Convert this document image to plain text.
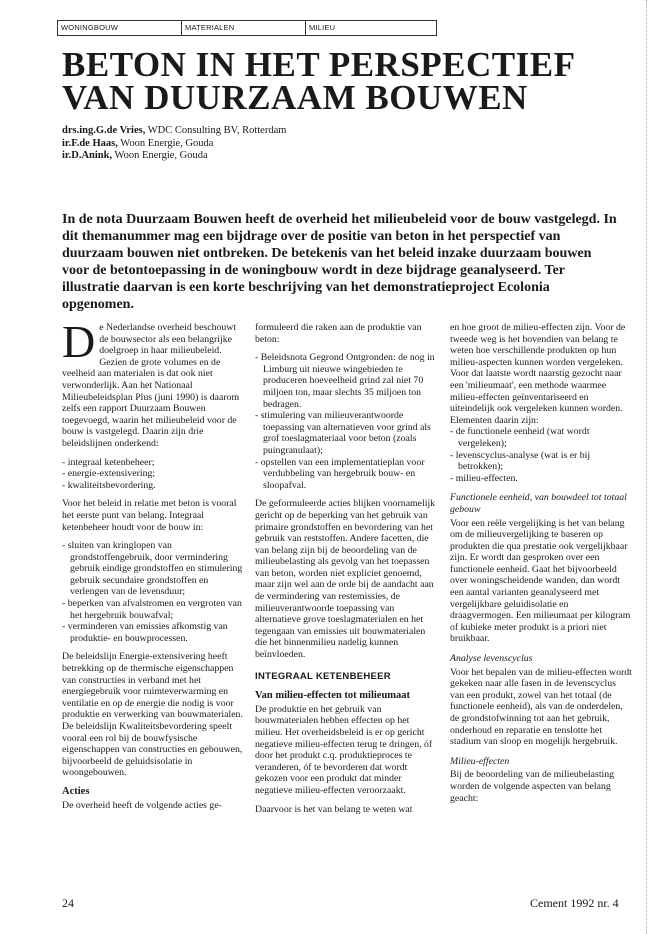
WONINGBOUW	MATERIALEN	MILIEU
BETON IN HET PERSPECTIEF
VAN DUURZAAM BOUWEN
drs.ing.G.de Vries, WDC Consulting BV, Rotterdam
ir.F.de Haas, Woon Energie, Gouda
ir.D.Anink, Woon Energie, Gouda

In de nota Duurzaam Bouwen heeft de overheid het milieubeleid voor de bouw vastgelegd. In dit themanummer mag een bijdrage over de positie van beton in het perspectief van duurzaam bouwen niet ontbreken. De betekenis van het beleid inzake duurzaam bouwen voor de betontoepassing in de woningbouw wordt in deze bijdrage geanalyseerd. Ter illustratie daarvan is een korte beschrijving van het demonstratieproject Ecolonia opgenomen.

De Nederlandse overheid beschouwt de bouwsector als een belangrijke doelgroep in haar milieubeleid. Gezien de grote volumes en de veelheid aan materialen is dat ook niet verwonderlijk. Aan het Nationaal Milieubeleidsplan Plus (juni 1990) is daarom zelfs een rapport Duurzaam Bouwen toegevoegd, waarin het milieubeleid voor de bouw is vastgelegd. Daarin zijn drie beleidslijnen onderkend:

- integraal ketenbeheer;
- energie-extensivering;
- kwaliteitsbevordering.

Voor het beleid in relatie met beton is vooral het eerste punt van belang. Integraal ketenbeheer houdt voor de bouw in:

- sluiten van kringlopen van grondstoffengebruik, door vermindering gebruik eindige grondstoffen en stimulering gebruik secundaire grondstoffen en verlengen van de levensduur;
- beperken van afvalstromen en vergroten van het hergebruik bouwafval;
- verminderen van emissies afkomstig van produktie- en bouwprocessen.

De beleidslijn Energie-extensivering heeft betrekking op de thermische eigenschappen van constructies in verband met het energiegebruik voor ruimteverwarming en ventilatie en op de energie die nodig is voor produktie en verwerking van bouwmaterialen. De beleidslijn Kwaliteitsbevordering speelt vooral een rol bij de bouwfysische eigenschappen van constructies en gebouwen, bijvoorbeeld de geluidsisolatie in woongebouwen.

Acties

De overheid heeft de volgende acties ge-

formuleerd die raken aan de produktie van beton:

- Beleidsnota Gegrond Ontgronden: de nog in Limburg uit nieuwe wingebieden te produceren hoeveelheid grind zal niet 70 miljoen ton, maar slechts 35 miljoen ton bedragen.
- stimulering van milieuverantwoorde toepassing van alternatieven voor grind als grof toeslagmateriaal voor beton (zoals puingranulaat);
- opstellen van een implementatieplan voor verdubbeling van hergebruik bouw- en sloopafval.

De geformuleerde acties blijken voornamelijk gericht op de beperking van het gebruik van primaire grondstoffen en bevordering van het gebruik van reststoffen. Andere facetten, die van belang zijn bij de beoordeling van de milieubelasting als gevolg van het toepassen van beton, worden niet expliciet genoemd, maar zijn wel aan de orde bij de aandacht aan de vermindering van restemissies, de milieuverantwoorde toepassing van alternatieve grove toeslagmaterialen en het tegengaan van emissies uit bouwmaterialen die het binnenmilieu nadelig kunnen beïnvloeden.

INTEGRAAL KETENBEHEER
Van milieu-effecten tot milieumaat

De produktie en het gebruik van bouwmaterialen hebben effecten op het milieu. Het overheidsbeleid is er op gericht negatieve milieu-effecten terug te dringen, óf door het produkt c.q. produktieproces te veranderen, óf te bevorderen dat wordt gekozen voor een produkt dat minder negatieve milieu-effecten veroorzaakt.

Daarvoor is het van belang te weten wat

en hoe groot de milieu-effecten zijn. Voor de tweede weg is het bovendien van belang te weten hoe verschillende produkten op hun milieu-aspecten kunnen worden vergeleken. Voor dat laatste wordt naarstig gezocht naar een 'milieumaat', een methode waarmee milieu-effecten geïnventariseerd en uiteindelijk ook vergeleken kunnen worden.

Elementen daarin zijn:

- de functionele eenheid (wat wordt vergeleken);
- levenscyclus-analyse (wat is er bij betrokken);
- milieu-effecten.
Functionele eenheid, van bouwdeel tot totaal gebouw

Voor een reële vergelijking is het van belang om de milieuvergelijking te baseren op produkten die qua prestatie ook vergelijkbaar zijn. Er wordt dan gesproken over een functionele eenheid. Gaat het bijvoorbeeld over woningscheidende wanden, dan wordt een aantal varianten geanalyseerd met vergelijkbare geluidisolatie en draagvermogen. Een milieumaat per kilogram of kubieke meter produkt is a priori niet bruikbaar.

Analyse levenscyclus

Voor het bepalen van de milieu-effecten wordt gekeken naar alle fasen in de levenscyclus van een produkt, zowel van het totaal (de functionele eenheid), als van de onderdelen, de grondstofwinning tot aan het gebruik, onderhoud en reparatie en tenslotte het stadium van sloop en mogelijk hergebruik.

Milieu-effecten

Bij de beoordeling van de milieubelasting worden de volgende aspecten van belang geacht:

24	Cement 1992 nr. 4
